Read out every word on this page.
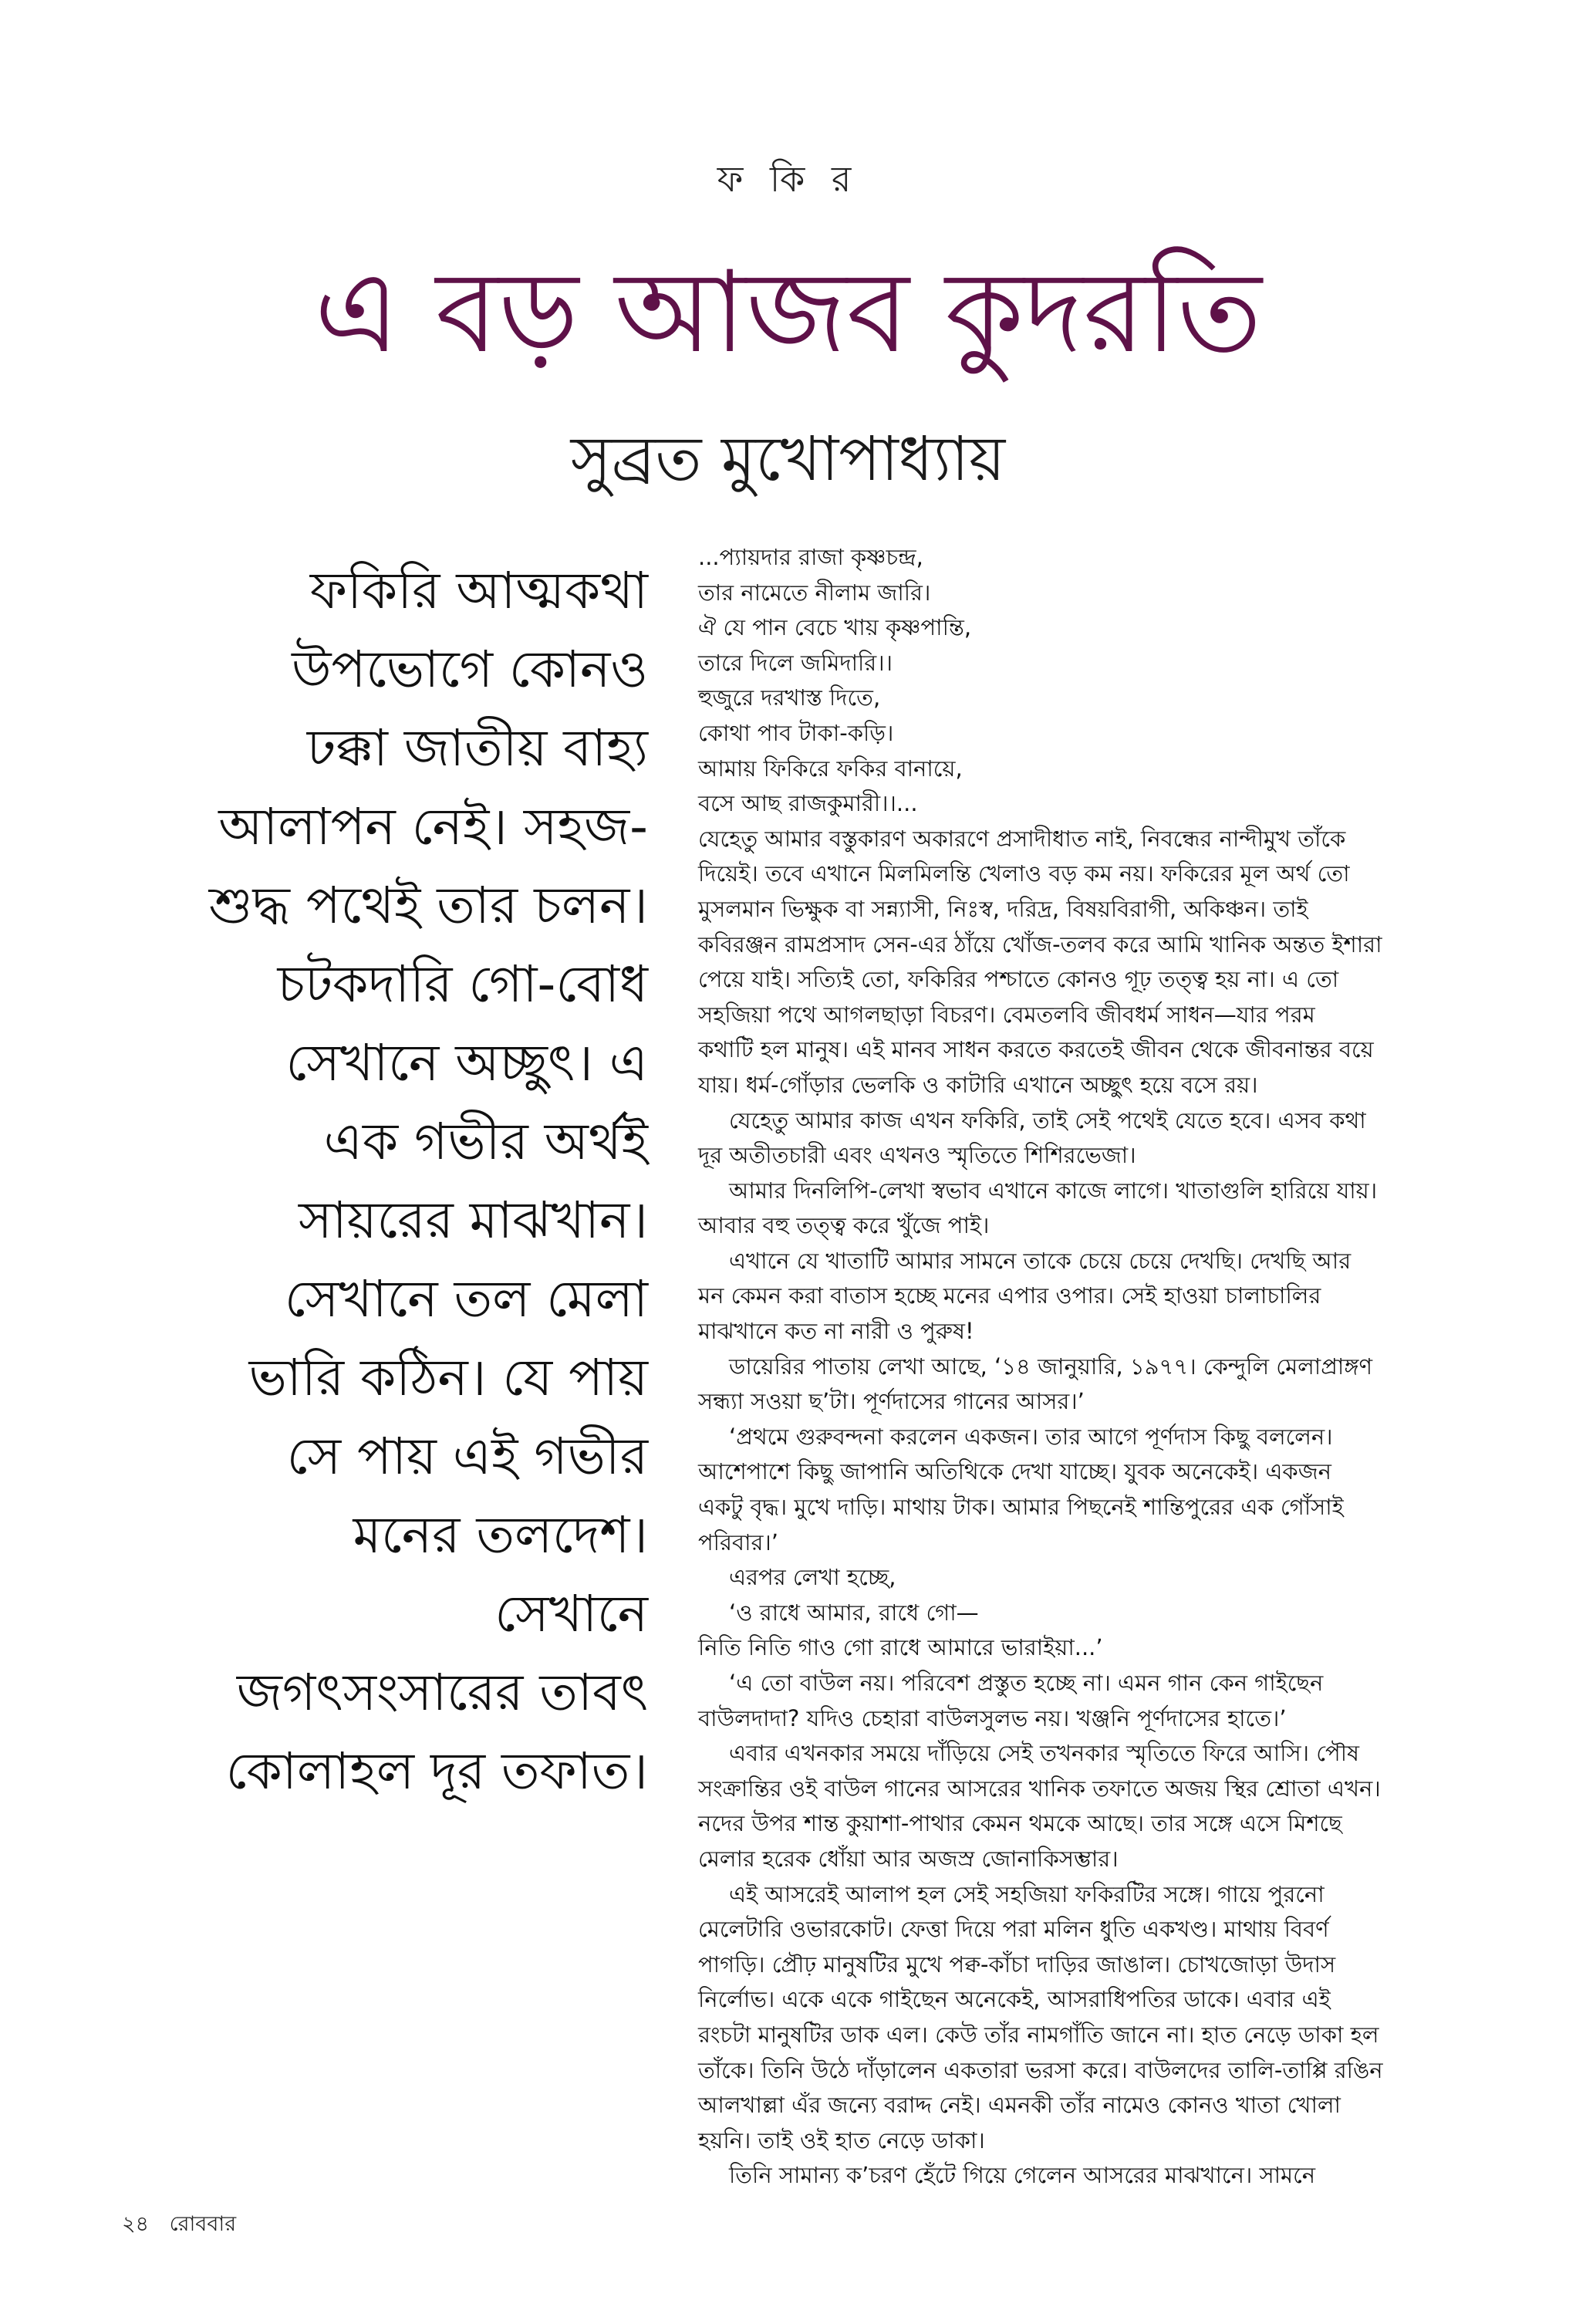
ফ কি র
এ বড় আজব কুদরতি
সুব্রত মুখোপাধ্যায়
ফকিরি আত্মকথা
উপভোগে কোনও
ঢক্কা জাতীয় বাহ্য
আলাপন নেই। সহজ-
শুদ্ধ পথেই তার চলন।
চটকদারি গো-বোধ
সেখানে অচ্ছুৎ। এ
এক গভীর অর্থই
সায়রের মাঝখান।
সেখানে তল মেলা
ভারি কঠিন। যে পায়
সে পায় এই গভীর
মনের তলদেশ।
সেখানে
জগৎসংসারের তাবৎ
কোলাহল দূর তফাত।
...প্যায়দার রাজা কৃষ্ণচন্দ্র,
তার নামেতে নীলাম জারি।
ঐ যে পান বেচে খায় কৃষ্ণপান্তি,
তারে দিলে জমিদারি।।
হুজুরে দরখাস্ত দিতে,
কোথা পাব টাকা-কড়ি।
আমায় ফিকিরে ফকির বানায়ে,
বসে আছ রাজকুমারী।।...
যেহেতু আমার বস্তুকারণ অকারণে প্রসাদীধাত নাই, নিবন্ধের নান্দীমুখ তাঁকে
দিয়েই। তবে এখানে মিলমিলন্তি খেলাও বড় কম নয়। ফকিরের মূল অর্থ তো
মুসলমান ভিক্ষুক বা সন্ন্যাসী, নিঃস্ব, দরিদ্র, বিষয়বিরাগী, অকিঞ্চন। তাই
কবিরঞ্জন রামপ্রসাদ সেন-এর ঠাঁয়ে খোঁজ-তলব করে আমি খানিক অন্তত ইশারা
পেয়ে যাই। সত্যিই তো, ফকিরির পশ্চাতে কোনও গূঢ় তত্ত্ব হয় না। এ তো
সহজিয়া পথে আগলছাড়া বিচরণ। বেমতলবি জীবধর্ম সাধন—যার পরম
কথাটি হল মানুষ। এই মানব সাধন করতে করতেই জীবন থেকে জীবনান্তর বয়ে
যায়। ধর্ম-গোঁড়ার ভেলকি ও কাটারি এখানে অচ্ছুৎ হয়ে বসে রয়।
যেহেতু আমার কাজ এখন ফকিরি, তাই সেই পথেই যেতে হবে। এসব কথা
দূর অতীতচারী এবং এখনও স্মৃতিতে শিশিরভেজা।
আমার দিনলিপি-লেখা স্বভাব এখানে কাজে লাগে। খাতাগুলি হারিয়ে যায়।
আবার বহু তত্ত্ব করে খুঁজে পাই।
এখানে যে খাতাটি আমার সামনে তাকে চেয়ে চেয়ে দেখছি। দেখছি আর
মন কেমন করা বাতাস হচ্ছে মনের এপার ওপার। সেই হাওয়া চালাচালির
মাঝখানে কত না নারী ও পুরুষ!
ডায়েরির পাতায় লেখা আছে, ‘১৪ জানুয়ারি, ১৯৭৭। কেন্দুলি মেলাপ্রাঙ্গণ
সন্ধ্যা সওয়া ছ’টা। পূর্ণদাসের গানের আসর।’
‘প্রথমে গুরুবন্দনা করলেন একজন। তার আগে পূর্ণদাস কিছু বললেন।
আশেপাশে কিছু জাপানি অতিথিকে দেখা যাচ্ছে। যুবক অনেকেই। একজন
একটু বৃদ্ধ। মুখে দাড়ি। মাথায় টাক। আমার পিছনেই শান্তিপুরের এক গোঁসাই
পরিবার।’
এরপর লেখা হচ্ছে,
‘ও রাধে আমার, রাধে গো—
নিতি নিতি গাও গো রাধে আমারে ভারাইয়া...’
‘এ তো বাউল নয়। পরিবেশ প্রস্তুত হচ্ছে না। এমন গান কেন গাইছেন
বাউলদাদা? যদিও চেহারা বাউলসুলভ নয়। খঞ্জনি পূর্ণদাসের হাতে।’
এবার এখনকার সময়ে দাঁড়িয়ে সেই তখনকার স্মৃতিতে ফিরে আসি। পৌষ
সংক্রান্তির ওই বাউল গানের আসরের খানিক তফাতে অজয় স্থির শ্রোতা এখন।
নদের উপর শান্ত কুয়াশা-পাথার কেমন থমকে আছে। তার সঙ্গে এসে মিশছে
মেলার হরেক ধোঁয়া আর অজস্র জোনাকিসম্ভার।
এই আসরেই আলাপ হল সেই সহজিয়া ফকিরটির সঙ্গে। গায়ে পুরনো
মেলেটারি ওভারকোট। ফেত্তা দিয়ে পরা মলিন ধুতি একখণ্ড। মাথায় বিবর্ণ
পাগড়ি। প্রৌঢ় মানুষটির মুখে পক্ব-কাঁচা দাড়ির জাঙাল। চোখজোড়া উদাস
নির্লোভ। একে একে গাইছেন অনেকেই, আসরাধিপতির ডাকে। এবার এই
রংচটা মানুষটির ডাক এল। কেউ তাঁর নামগাঁতি জানে না। হাত নেড়ে ডাকা হল
তাঁকে। তিনি উঠে দাঁড়ালেন একতারা ভরসা করে। বাউলদের তালি-তাপ্পি রঙিন
আলখাল্লা এঁর জন্যে বরাদ্দ নেই। এমনকী তাঁর নামেও কোনও খাতা খোলা
হয়নি। তাই ওই হাত নেড়ে ডাকা।
তিনি সামান্য ক’চরণ হেঁটে গিয়ে গেলেন আসরের মাঝখানে। সামনে
২৪ রোববার
